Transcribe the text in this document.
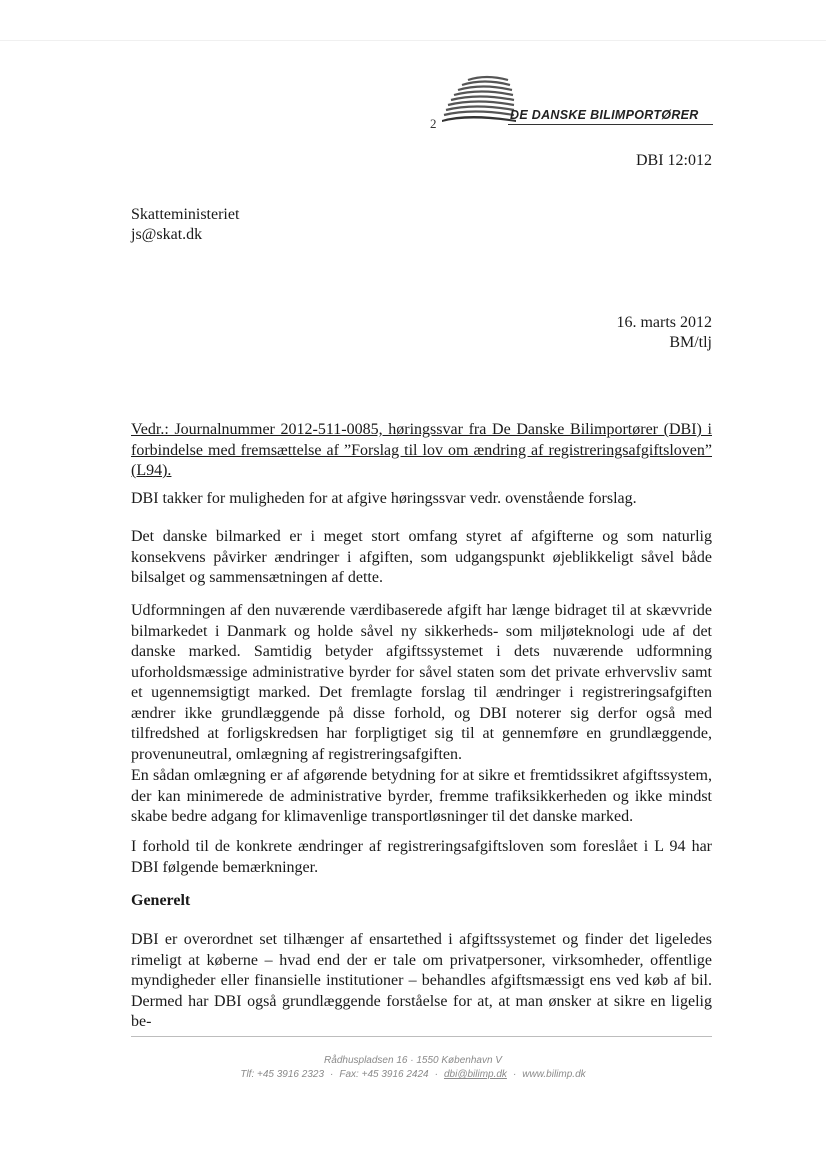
2
DE DANSKE BILIMPORTØRER
DBI 12:012
Skatteministeriet
js@skat.dk
16. marts 2012
BM/tlj
Vedr.: Journalnummer 2012-511-0085, høringssvar fra De Danske Bilimportører (DBI) i forbindelse med fremsættelse af ”Forslag til lov om ændring af registreringsafgiftsloven” (L94).
DBI takker for muligheden for at afgive høringssvar vedr. ovenstående forslag.
Det danske bilmarked er i meget stort omfang styret af afgifterne og som naturlig konsekvens påvirker ændringer i afgiften, som udgangspunkt øjeblikkeligt såvel både bilsalget og sammensætningen af dette.
Udformningen af den nuværende værdibaserede afgift har længe bidraget til at skævvride bilmarkedet i Danmark og holde såvel ny sikkerheds- som miljøteknologi ude af det danske marked. Samtidig betyder afgiftssystemet i dets nuværende udformning uforholdsmæssige administrative byrder for såvel staten som det private erhvervsliv samt et ugennemsigtigt marked. Det fremlagte forslag til ændringer i registreringsafgiften ændrer ikke grundlæggende på disse forhold, og DBI noterer sig derfor også med tilfredshed at forligskredsen har forpligtiget sig til at gennemføre en grundlæggende, provenuneutral, omlægning af registreringsafgiften.
En sådan omlægning er af afgørende betydning for at sikre et fremtidssikret afgiftssystem, der kan minimerede de administrative byrder, fremme trafiksikkerheden og ikke mindst skabe bedre adgang for klimavenlige transportløsninger til det danske marked.
I forhold til de konkrete ændringer af registreringsafgiftsloven som foreslået i L 94 har DBI følgende bemærkninger.
Generelt
DBI er overordnet set tilhænger af ensartethed i afgiftssystemet og finder det ligeledes rimeligt at køberne – hvad end der er tale om privatpersoner, virksomheder, offentlige myndigheder eller finansielle institutioner – behandles afgiftsmæssigt ens ved køb af bil. Dermed har DBI også grundlæggende forståelse for at, at man ønsker at sikre en ligelig be-
Rådhuspladsen 16 · 1550 København V
Tlf: +45 3916 2323 · Fax: +45 3916 2424 · dbi@bilimp.dk · www.bilimp.dk
